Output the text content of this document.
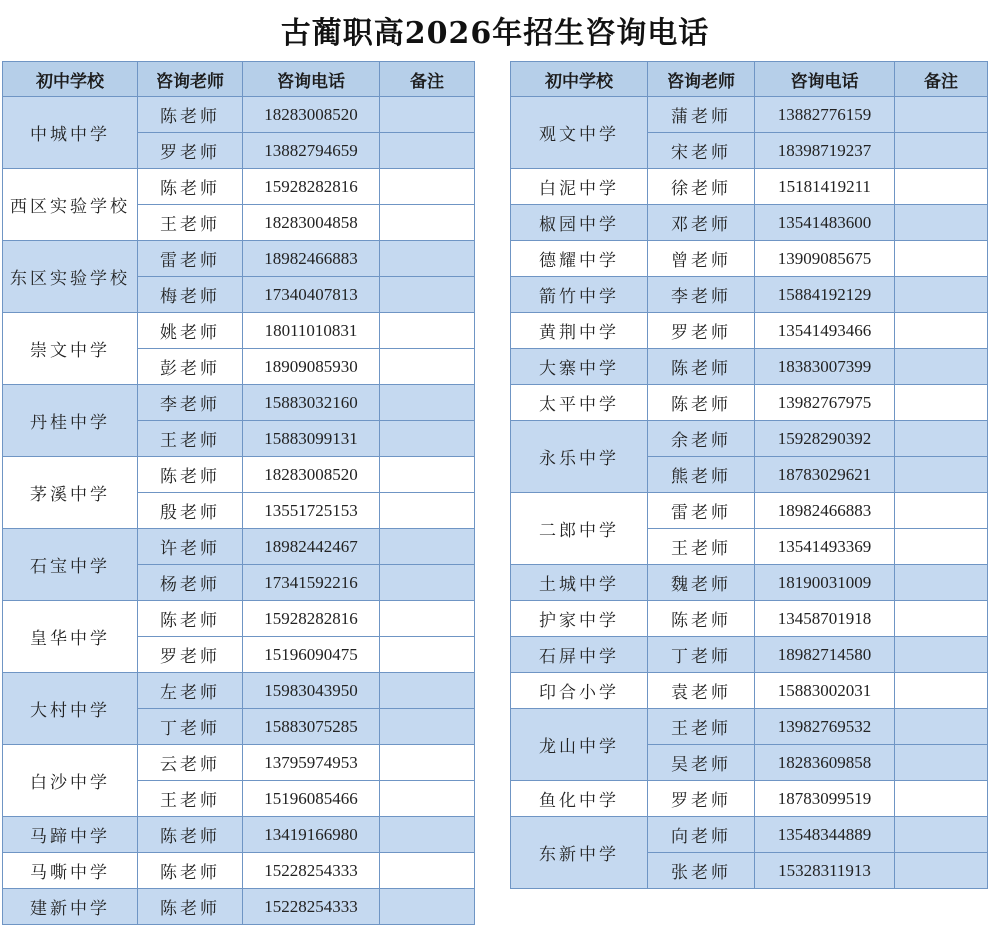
古蔺职高2026年招生咨询电话
初中学校	咨询老师	咨询电话	备注
中城中学	陈老师	18283008520	
	罗老师	13882794659	
西区实验学校	陈老师	15928282816	
	王老师	18283004858	
东区实验学校	雷老师	18982466883	
	梅老师	17340407813	
崇文中学	姚老师	18011010831	
	彭老师	18909085930	
丹桂中学	李老师	15883032160	
	王老师	15883099131	
茅溪中学	陈老师	18283008520	
	殷老师	13551725153	
石宝中学	许老师	18982442467	
	杨老师	17341592216	
皇华中学	陈老师	15928282816	
	罗老师	15196090475	
大村中学	左老师	15983043950	
	丁老师	15883075285	
白沙中学	云老师	13795974953	
	王老师	15196085466	
马蹄中学	陈老师	13419166980	
马嘶中学	陈老师	15228254333	
建新中学	陈老师	15228254333	
初中学校	咨询老师	咨询电话	备注
观文中学	蒲老师	13882776159	
	宋老师	18398719237	
白泥中学	徐老师	15181419211	
椒园中学	邓老师	13541483600	
德耀中学	曾老师	13909085675	
箭竹中学	李老师	15884192129	
黄荆中学	罗老师	13541493466	
大寨中学	陈老师	18383007399	
太平中学	陈老师	13982767975	
永乐中学	余老师	15928290392	
	熊老师	18783029621	
二郎中学	雷老师	18982466883	
	王老师	13541493369	
土城中学	魏老师	18190031009	
护家中学	陈老师	13458701918	
石屏中学	丁老师	18982714580	
印合小学	袁老师	15883002031	
龙山中学	王老师	13982769532	
	吴老师	18283609858	
鱼化中学	罗老师	18783099519	
东新中学	向老师	13548344889	
	张老师	15328311913	
